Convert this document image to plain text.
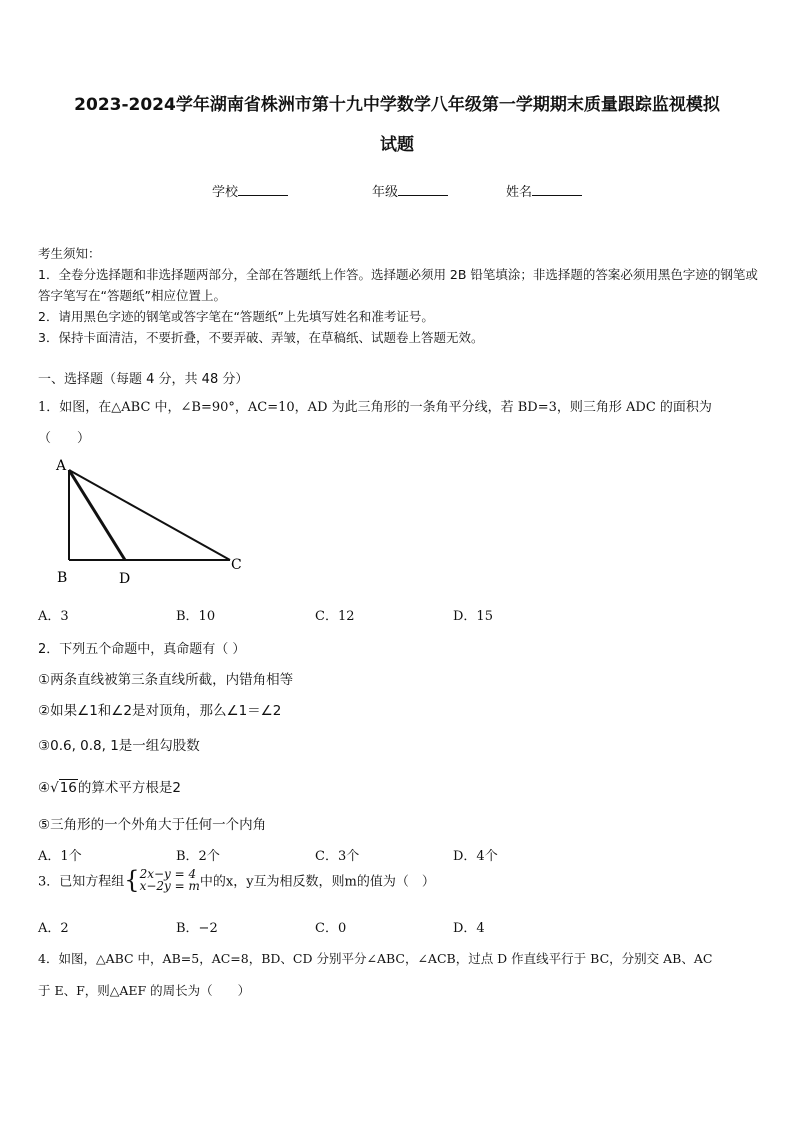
2023-2024学年湖南省株洲市第十九中学数学八年级第一学期期末质量跟踪监视模拟
试题
学校	年级	姓名
考生须知：
1．全卷分选择题和非选择题两部分，全部在答题纸上作答。选择题必须用 2B 铅笔填涂；非选择题的答案必须用黑色字迹的钢笔或答字笔写在“答题纸”相应位置上。
2．请用黑色字迹的钢笔或答字笔在“答题纸”上先填写姓名和准考证号。
3．保持卡面清洁，不要折叠，不要弄破、弄皱，在草稿纸、试题卷上答题无效。
一、选择题（每题 4 分，共 48 分）
1．如图，在△ABC 中，∠B=90°，AC=10，AD 为此三角形的一条角平分线，若 BD=3，则三角形 ADC 的面积为
（　　）
A
B	D
C
A．3	B．10	C．12	D．15
2．下列五个命题中，真命题有（ ）
①两条直线被第三条直线所截，内错角相等
②如果∠1和∠2是对顶角，那么∠1＝∠2
③0.6, 0.8, 1是一组勾股数
④√16的算术平方根是2
⑤三角形的一个外角大于任何一个内角
A．1个	B．2个	C．3个	D．4个
3．已知方程组{ 2x−y = 4
x−2y = m 中的x，y互为相反数，则m的值为（　）
A．2	B．−2	C．0	D．4
4．如图，△ABC 中，AB=5，AC=8，BD、CD 分别平分∠ABC，∠ACB，过点 D 作直线平行于 BC，分别交 AB、AC
于 E、F，则△AEF 的周长为（　　）
